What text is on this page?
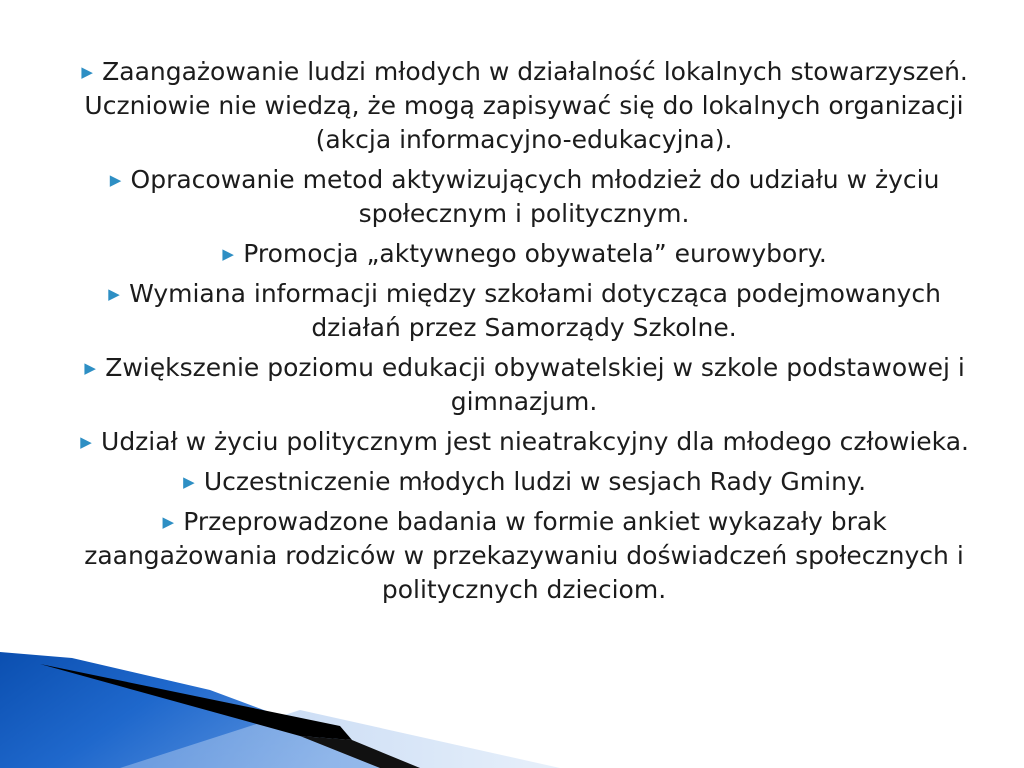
▶ Zaangażowanie ludzi młodych w działalność lokalnych stowarzyszeń. Uczniowie nie wiedzą, że mogą zapisywać się do lokalnych organizacji (akcja informacyjno-edukacyjna).
▶ Opracowanie metod aktywizujących młodzież do udziału w życiu społecznym i politycznym.
▶ Promocja „aktywnego obywatela” eurowybory.
▶ Wymiana informacji między szkołami dotycząca podejmowanych działań przez Samorządy Szkolne.
▶ Zwiększenie poziomu edukacji obywatelskiej w szkole podstawowej i gimnazjum.
▶ Udział w życiu politycznym jest nieatrakcyjny dla młodego człowieka.
▶ Uczestniczenie młodych ludzi w sesjach Rady Gminy.
▶ Przeprowadzone badania w formie ankiet wykazały brak zaangażowania rodziców w przekazywaniu doświadczeń społecznych i politycznych dzieciom.
